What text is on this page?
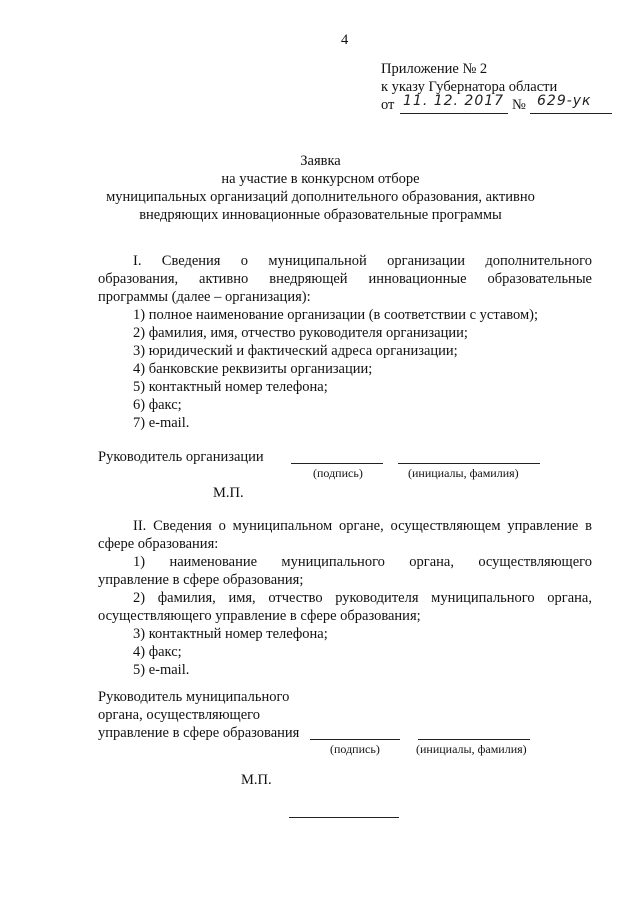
4
Приложение № 2
к указу Губернатора области
от 11. 12. 2017 № 629-ук
Заявка
на участие в конкурсном отборе
муниципальных организаций дополнительного образования, активно
внедряющих инновационные образовательные программы
I. Сведения о муниципальной организации дополнительного
образования, активно внедряющей инновационные образовательные
программы (далее – организация):
1) полное наименование организации (в соответствии с уставом);
2) фамилия, имя, отчество руководителя организации;
3) юридический и фактический адреса организации;
4) банковские реквизиты организации;
5) контактный номер телефона;
6) факс;
7) e-mail.
Руководитель организации
(подпись)	(инициалы, фамилия)
М.П.
II. Сведения о муниципальном органе, осуществляющем управление в
сфере образования:
1) наименование муниципального органа, осуществляющего
управление в сфере образования;
2) фамилия, имя, отчество руководителя муниципального органа,
осуществляющего управление в сфере образования;
3) контактный номер телефона;
4) факс;
5) e-mail.
Руководитель муниципального
органа, осуществляющего
управление в сфере образования
(подпись)	(инициалы, фамилия)
М.П.
